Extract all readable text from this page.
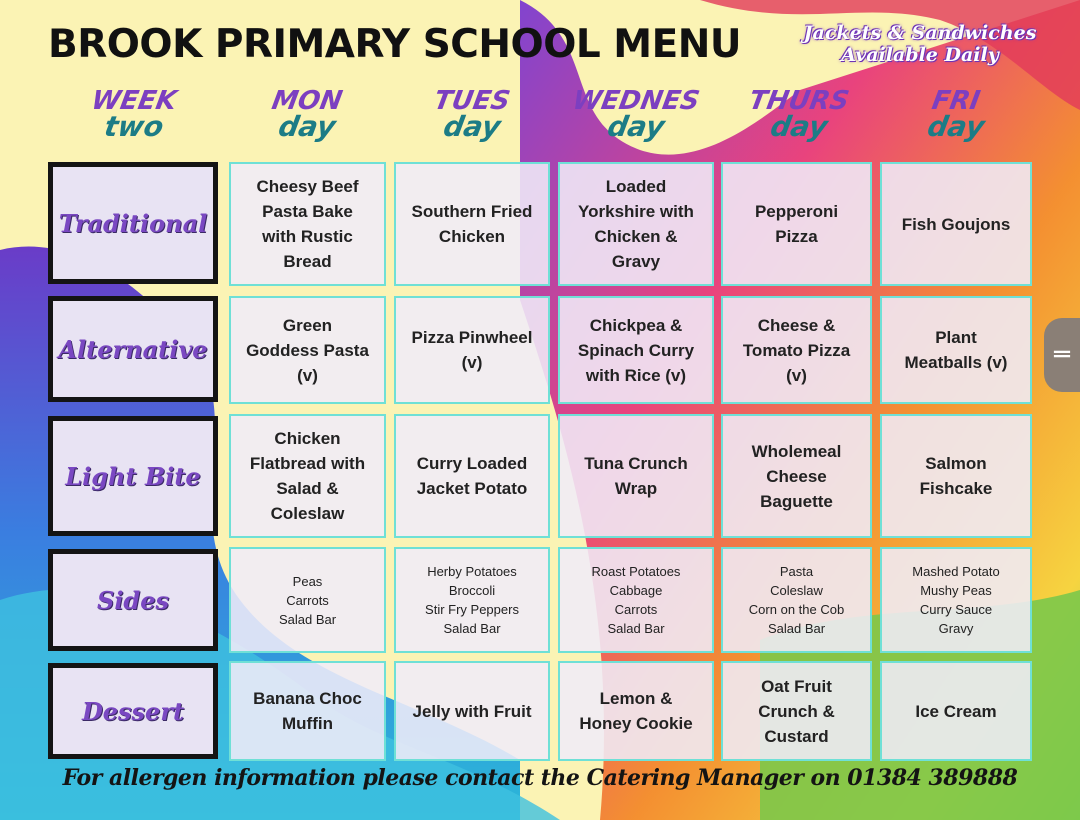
BROOK PRIMARY SCHOOL MENU	Jackets & Sandwiches
Available Daily
WEEK
two
MON
day
TUES
day
WEDNES
day
THURS
day
FRI
day
Traditional
Cheesy Beef
Pasta Bake
with Rustic
Bread
Southern Fried
Chicken
Loaded
Yorkshire with
Chicken &
Gravy
Pepperoni
Pizza
Fish Goujons
Alternative
Green
Goddess Pasta
(v)
Pizza Pinwheel
(v)
Chickpea &
Spinach Curry
with Rice (v)
Cheese &
Tomato Pizza
(v)
Plant
Meatballs (v)
Light Bite
Chicken
Flatbread with
Salad &
Coleslaw
Curry Loaded
Jacket Potato
Tuna Crunch
Wrap
Wholemeal
Cheese
Baguette
Salmon
Fishcake
Sides
Peas
Carrots
Salad Bar
Herby Potatoes
Broccoli
Stir Fry Peppers
Salad Bar
Roast Potatoes
Cabbage
Carrots
Salad Bar
Pasta
Coleslaw
Corn on the Cob
Salad Bar
Mashed Potato
Mushy Peas
Curry Sauce
Gravy
Dessert	Banana Choc
Muffin
Jelly with Fruit
Lemon &
Honey Cookie
Oat Fruit
Crunch &
Custard
Ice Cream
For allergen information please contact the Catering Manager on 01384 389888
═
